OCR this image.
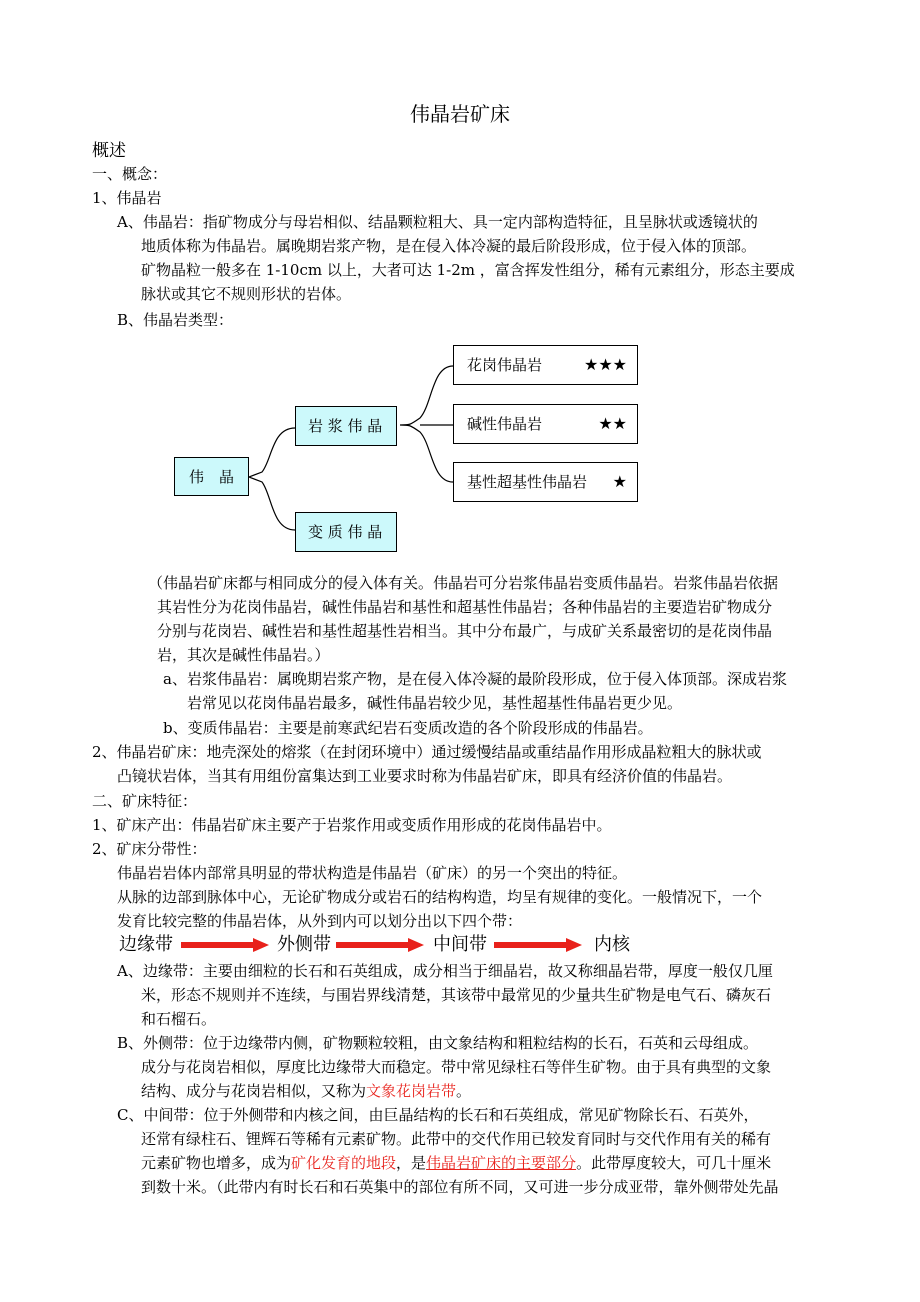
伟晶岩矿床
概述
一、概念：
1、伟晶岩
A、伟晶岩：指矿物成分与母岩相似、结晶颗粒粗大、具一定内部构造特征，且呈脉状或透镜状的
地质体称为伟晶岩。属晚期岩浆产物，是在侵入体冷凝的最后阶段形成，位于侵入体的顶部。
矿物晶粒一般多在 1-10cm 以上，大者可达 1-2m ，富含挥发性组分，稀有元素组分，形态主要成
脉状或其它不规则形状的岩体。
B、伟晶岩类型：
伟　晶
岩 浆 伟 晶
变 质 伟 晶
花岗伟晶岩	★★★
碱性伟晶岩	★★
基性超基性伟晶岩 ★
（伟晶岩矿床都与相同成分的侵入体有关。伟晶岩可分岩浆伟晶岩变质伟晶岩。岩浆伟晶岩依据
其岩性分为花岗伟晶岩，碱性伟晶岩和基性和超基性伟晶岩；各种伟晶岩的主要造岩矿物成分
分别与花岗岩、碱性岩和基性超基性岩相当。其中分布最广，与成矿关系最密切的是花岗伟晶
岩，其次是碱性伟晶岩。）
a、岩浆伟晶岩：属晚期岩浆产物，是在侵入体冷凝的最阶段形成，位于侵入体顶部。深成岩浆
岩常见以花岗伟晶岩最多，碱性伟晶岩较少见，基性超基性伟晶岩更少见。
b、变质伟晶岩：主要是前寒武纪岩石变质改造的各个阶段形成的伟晶岩。
2、伟晶岩矿床：地壳深处的熔浆（在封闭环境中）通过缓慢结晶或重结晶作用形成晶粒粗大的脉状或
凸镜状岩体，当其有用组份富集达到工业要求时称为伟晶岩矿床，即具有经济价值的伟晶岩。
二、矿床特征：
1、矿床产出：伟晶岩矿床主要产于岩浆作用或变质作用形成的花岗伟晶岩中。
2、矿床分带性：
伟晶岩岩体内部常具明显的带状构造是伟晶岩（矿床）的另一个突出的特征。
从脉的边部到脉体中心，无论矿物成分或岩石的结构构造，均呈有规律的变化。一般情况下，一个
发育比较完整的伟晶岩体，从外到内可以划分出以下四个带：
边缘带	外侧带	中间带	内核
A、边缘带：主要由细粒的长石和石英组成，成分相当于细晶岩，故又称细晶岩带，厚度一般仅几厘
米，形态不规则并不连续，与围岩界线清楚，其该带中最常见的少量共生矿物是电气石、磷灰石
和石榴石。
B、外侧带：位于边缘带内侧，矿物颗粒较粗，由文象结构和粗粒结构的长石，石英和云母组成。
成分与花岗岩相似，厚度比边缘带大而稳定。带中常见绿柱石等伴生矿物。由于具有典型的文象
结构、成分与花岗岩相似，又称为文象花岗岩带。
C、中间带：位于外侧带和内核之间，由巨晶结构的长石和石英组成，常见矿物除长石、石英外，
还常有绿柱石、锂辉石等稀有元素矿物。此带中的交代作用已较发育同时与交代作用有关的稀有
元素矿物也增多，成为矿化发育的地段，是伟晶岩矿床的主要部分。此带厚度较大，可几十厘米
到数十米。（此带内有时长石和石英集中的部位有所不同，又可进一步分成亚带，靠外侧带处先晶
